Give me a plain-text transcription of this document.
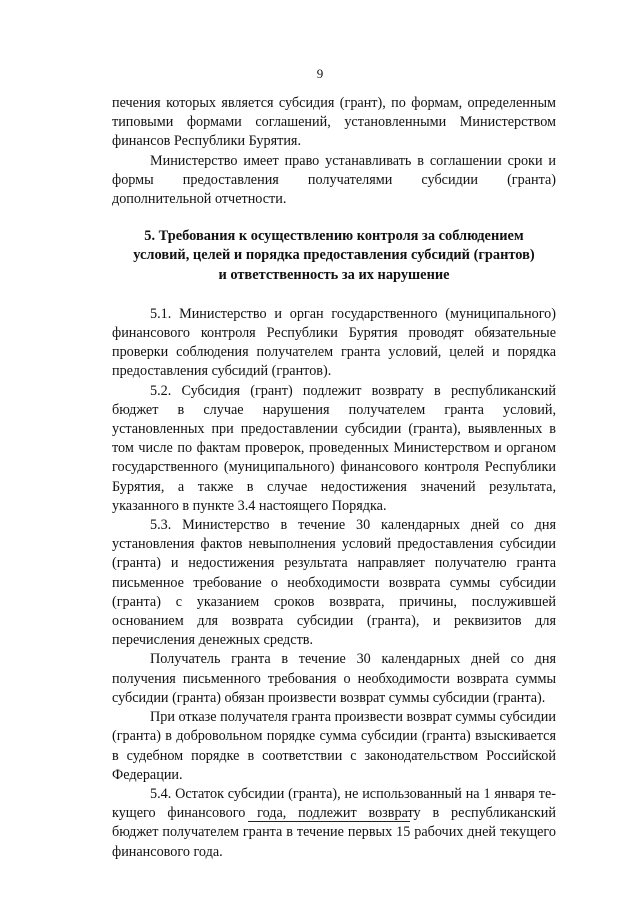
9

печения которых является субсидия (грант), по формам, определенным типовыми формами соглашений, установленными Министерством финансов Республики Бурятия.

Министерство имеет право устанавливать в соглашении сроки и формы предоставления получателями субсидии (гранта) дополнительной отчетности.

5. Требования к осуществлению контроля за соблюдением
условий, целей и порядка предоставления субсидий (грантов)
и ответственность за их нарушение

5.1. Министерство и орган государственного (муниципального) финансового контроля Республики Бурятия проводят обязательные проверки соблюдения получателем гранта условий, целей и порядка предоставления субсидий (грантов).

5.2. Субсидия (грант) подлежит возврату в республиканский бюджет в случае нарушения получателем гранта условий, установленных при предоставлении субсидии (гранта), выявленных в том числе по фактам проверок, проведенных Министерством и органом государственного (муниципального) финансового контроля Республики Бурятия, а также в случае недостижения значений результата, указанного в пункте 3.4 настоящего Порядка.

5.3. Министерство в течение 30 календарных дней со дня установления фактов невыполнения условий предоставления субсидии (гранта) и недостижения результата направляет получателю гранта письменное требование о необходимости возврата суммы субсидии (гранта) с указанием сроков возврата, причины, послужившей основанием для возврата субсидии (гранта), и реквизитов для перечисления денежных средств.

Получатель гранта в течение 30 календарных дней со дня получения письменного требования о необходимости возврата суммы субсидии (гранта) обязан произвести возврат суммы субсидии (гранта).

При отказе получателя гранта произвести возврат суммы субсидии (гранта) в добровольном порядке сумма субсидии (гранта) взыскивается в судебном порядке в соответствии с законодательством Российской Федерации.

5.4. Остаток субсидии (гранта), не использованный на 1 января текущего финансового года, подлежит возврату в республиканский бюджет получателем гранта в течение первых 15 рабочих дней текущего финансового года.
